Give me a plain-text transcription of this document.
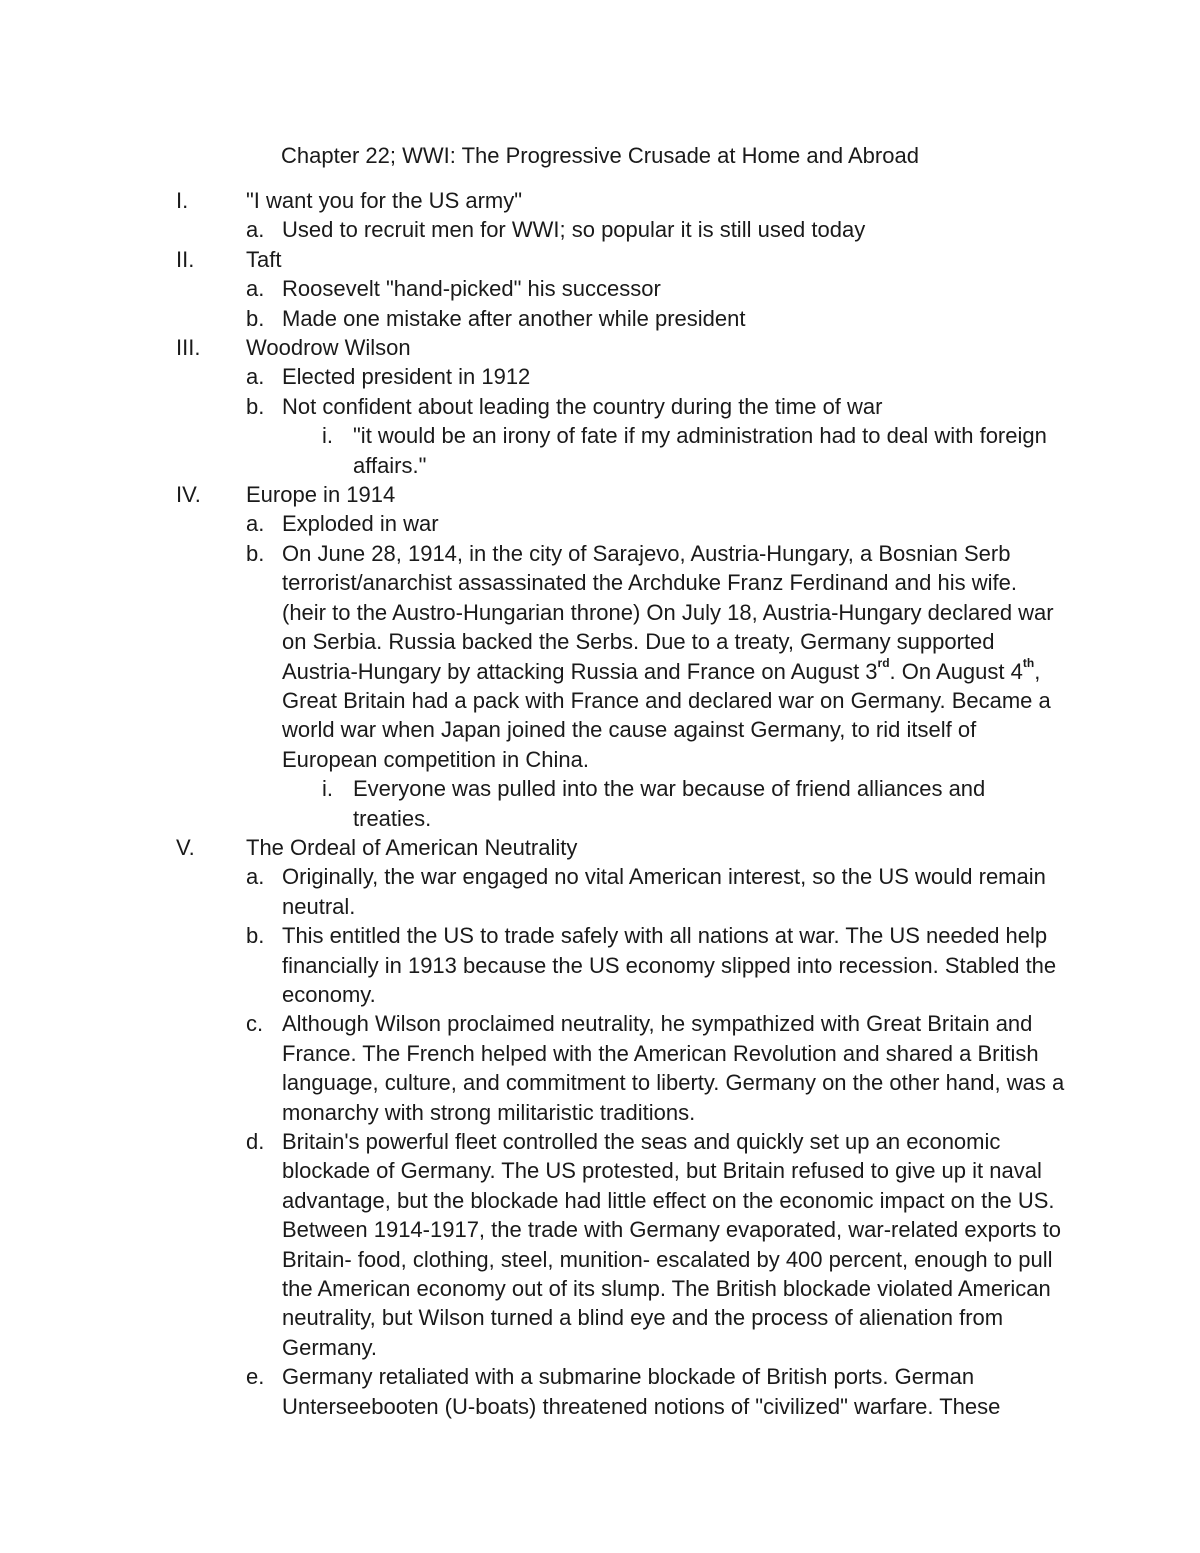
Chapter 22; WWI: The Progressive Crusade at Home and Abroad
I.	"I want you for the US army"
a. Used to recruit men for WWI; so popular it is still used today
II. Taft
a. Roosevelt "hand-picked" his successor
b. Made one mistake after another while president
III. Woodrow Wilson
a. Elected president in 1912
b. Not confident about leading the country during the time of war
i. "it would be an irony of fate if my administration had to deal with foreign affairs."
IV. Europe in 1914
a. Exploded in war
b. On June 28, 1914, in the city of Sarajevo, Austria-Hungary, a Bosnian Serb terrorist/anarchist assassinated the Archduke Franz Ferdinand and his wife. (heir to the Austro-Hungarian throne) On July 18, Austria-Hungary declared war on Serbia. Russia backed the Serbs. Due to a treaty, Germany supported Austria-Hungary by attacking Russia and France on August 3rd. On August 4th, Great Britain had a pack with France and declared war on Germany. Became a world war when Japan joined the cause against Germany, to rid itself of European competition in China.
i. Everyone was pulled into the war because of friend alliances and treaties.
V. The Ordeal of American Neutrality
a. Originally, the war engaged no vital American interest, so the US would remain neutral.
b. This entitled the US to trade safely with all nations at war. The US needed help financially in 1913 because the US economy slipped into recession. Stabled the economy.
c. Although Wilson proclaimed neutrality, he sympathized with Great Britain and France. The French helped with the American Revolution and shared a British language, culture, and commitment to liberty. Germany on the other hand, was a monarchy with strong militaristic traditions.
d. Britain's powerful fleet controlled the seas and quickly set up an economic blockade of Germany. The US protested, but Britain refused to give up it naval advantage, but the blockade had little effect on the economic impact on the US. Between 1914-1917, the trade with Germany evaporated, war-related exports to Britain- food, clothing, steel, munition- escalated by 400 percent, enough to pull the American economy out of its slump. The British blockade violated American neutrality, but Wilson turned a blind eye and the process of alienation from Germany.
e. Germany retaliated with a submarine blockade of British ports. German Unterseebooten (U-boats) threatened notions of "civilized" warfare. These
